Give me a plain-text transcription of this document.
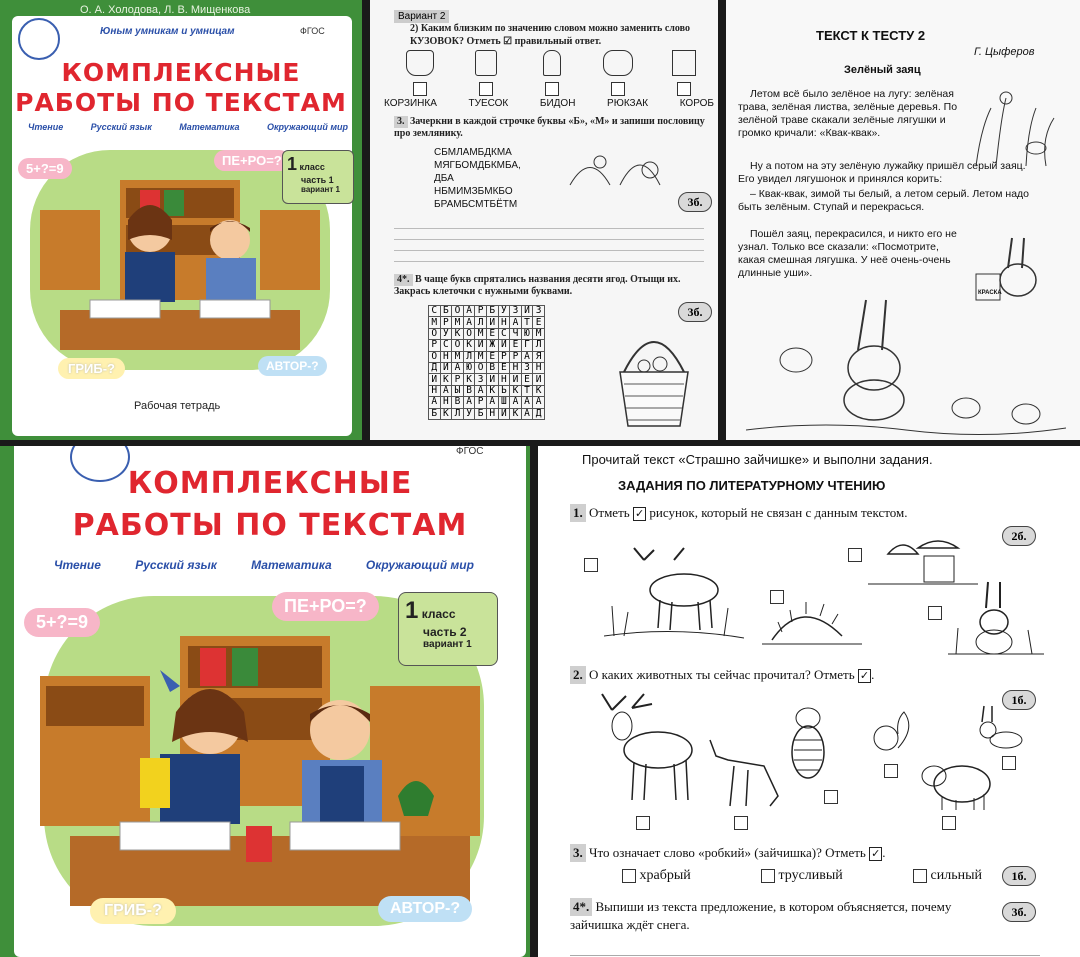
О. А. Холодова, Л. В. Мищенкова
Юным умникам и умницам	ФГОС
КОМПЛЕКСНЫЕ
РАБОТЫ ПО ТЕКСТАМ
Чтение	Русский язык	Математика	Окружающий мир
5+?=9
ПЕ+РО=? 1 класс
часть 1
вариант 1
ГРИБ-?	АВТОР-?
Рабочая тетрадь
Вариант 2
2) Каким близким по значению словом можно заменить слово КУЗОВОК? Отметь ☑ правильный ответ.
КОРЗИНКА	ТУЕСОК	БИДОН	РЮКЗАК	КОРОБ
3. Зачеркни в каждой строчке буквы «Б», «М» и запиши пословицу про землянику.
СБМЛАМБДКМА
МЯГБОМДБКМБА,
ДБА
НБМИМЗБМКБО
БРАМБСМТБЁТМ	3б.
4*. В чаще букв спрятались названия десяти ягод. Отыщи их. Закрась клеточки с нужными буквами.
3б.
С	Б	О	А	Р	Б	У	З	И	З
М	Р	М	А	Л	И	Н	А	Т	Е
О	У	К	О	М	Е	С	Ч	Ю	М
Р	С	О	К	И	Ж	И	Е	Г	Л
О	Н	М	Л	М	Е	Р	Р	А	Я
Д	И	А	Ю	О	В	Е	Н	З	Н
И	К	Р	К	З	И	Н	И	Е	И
Н	А	Ы	В	А	К	Ь	К	Т	К
А	Н	В	А	Р	А	Ш	А	А	А
Б	К	Л	У	Б	Н	И	К	А	Д
ТЕКСТ К ТЕСТУ 2
Г. Цыферов
Зелёный заяц
Летом всё было зелёное на лугу: зелёная трава, зелёная листва, зелёные деревья. По зелёной траве скакали зелёные лягушки и громко кричали: «Квак-квак».
Ну а потом на эту зелёную лужайку пришёл серый заяц. Его увидел лягушонок и принялся корить:
– Квак-квак, зимой ты белый, а летом серый. Летом надо быть зелёным. Ступай и перекрасься.
Пошёл заяц, перекрасился, и никто его не узнал. Только все сказали: «Посмотрите, какая смешная лягушка. У неё очень-очень длинные уши».
КРАСКА
ФГОС
КОМПЛЕКСНЫЕ
РАБОТЫ ПО ТЕКСТАМ
Чтение	Русский язык	Математика	Окружающий мир
5+?=9
ПЕ+РО=?	1 класс
часть 2
вариант 1
ГРИБ-?	АВТОР-?
Прочитай текст «Страшно зайчишке» и выполни задания.
ЗАДАНИЯ ПО ЛИТЕРАТУРНОМУ ЧТЕНИЮ
1. Отметь ✓ рисунок, который не связан с данным текстом.
2б.
2. О каких животных ты сейчас прочитал? Отметь ✓ .
1б.
3. Что означает слово «робкий» (зайчишка)? Отметь ✓ .
храбрый	трусливый	сильный	1б.
4*. Выпиши из текста предложение, в котором объясняется, почему зайчишка ждёт снега.
3б.
